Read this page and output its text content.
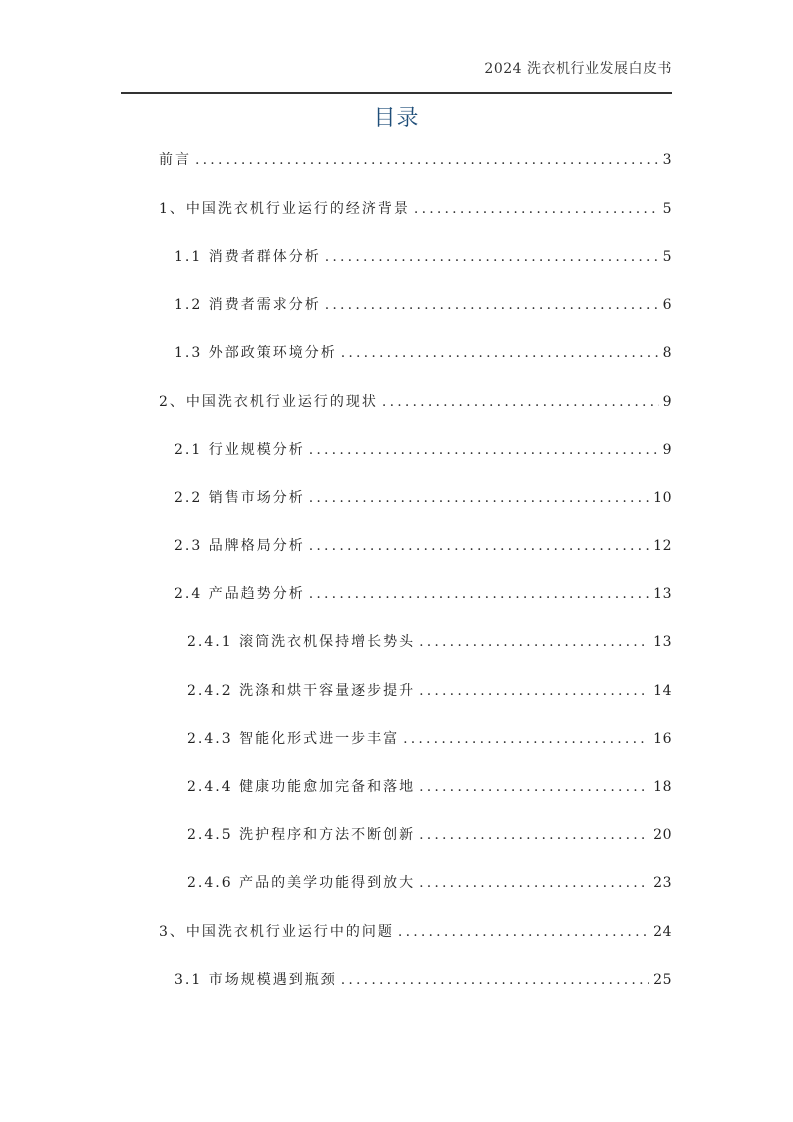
2024 洗衣机行业发展白皮书
目录
前言 .....	3
1、中国洗衣机行业运行的经济背景 .....	5
1.1 消费者群体分析 .....	5
1.2 消费者需求分析 .....	6
1.3 外部政策环境分析 .....	8
2、中国洗衣机行业运行的现状 .....	9
2.1 行业规模分析 .....	9
2.2 销售市场分析 .....	10
2.3 品牌格局分析 .....	12
2.4 产品趋势分析 .....	13
2.4.1 滚筒洗衣机保持增长势头 .....	13
2.4.2 洗涤和烘干容量逐步提升 .....	14
2.4.3 智能化形式进一步丰富 .....	16
2.4.4 健康功能愈加完备和落地 .....	18
2.4.5 洗护程序和方法不断创新 .....	20
2.4.6 产品的美学功能得到放大 .....	23
3、中国洗衣机行业运行中的问题 .....	24
3.1 市场规模遇到瓶颈 .....	25
